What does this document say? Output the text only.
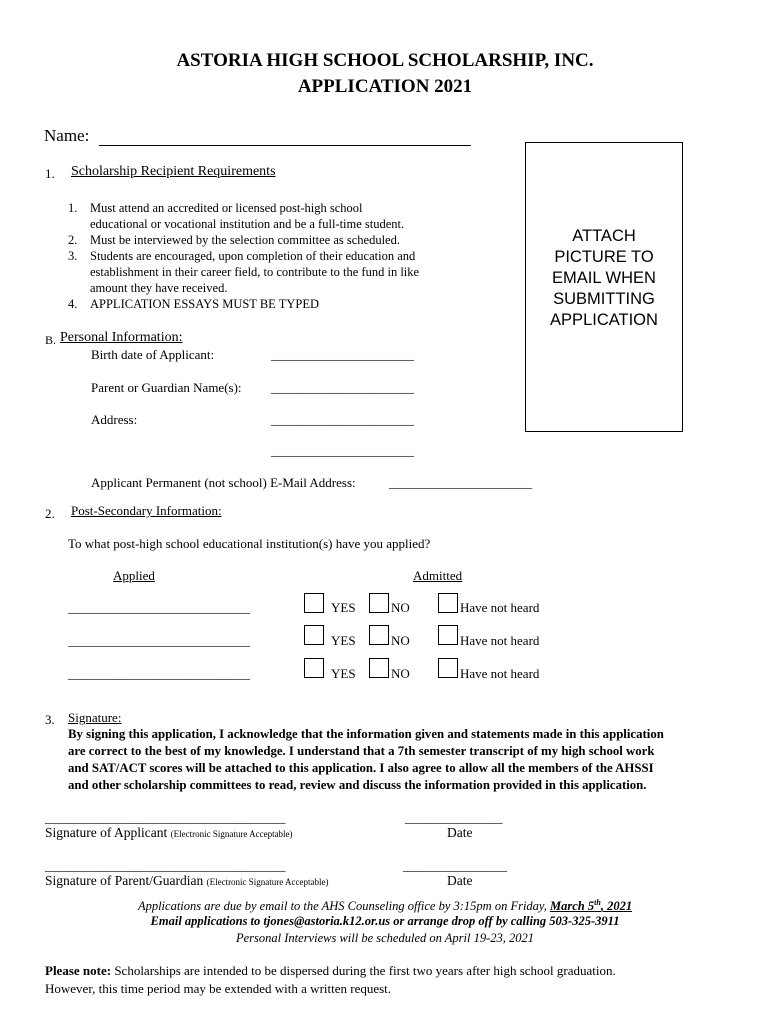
ASTORIA HIGH SCHOOL SCHOLARSHIP, INC.
APPLICATION 2021
Name:
1. Scholarship Recipient Requirements
1. Must attend an accredited or licensed post-high school
educational or vocational institution and be a full-time student.
2. Must be interviewed by the selection committee as scheduled.
3. Students are encouraged, upon completion of their education and
establishment in their career field, to contribute to the fund in like
amount they have received.
4. APPLICATION ESSAYS MUST BE TYPED
ATTACH
PICTURE TO
EMAIL WHEN
SUBMITTING
APPLICATION
B. Personal Information:
Birth date of Applicant:	______________________
Parent or Guardian Name(s): ______________________
Address:	______________________
______________________
Applicant Permanent (not school) E-Mail Address:	______________________
2. Post-Secondary Information:
To what post-high school educational institution(s) have you applied?
Applied	Admitted
____________________________	YES	NO	Have not heard
____________________________	YES	NO	Have not heard
____________________________	YES	NO	Have not heard
3. Signature:
By signing this application, I acknowledge that the information given and statements made in this application
are correct to the best of my knowledge. I understand that a 7th semester transcript of my high school work
and SAT/ACT scores will be attached to this application. I also agree to allow all the members of the AHSSI
and other scholarship committees to read, review and discuss the information provided in this application.
_____________________________________	_______________
Signature of Applicant (Electronic Signature Acceptable)	Date
_____________________________________	________________
Signature of Parent/Guardian (Electronic Signature Acceptable)	Date
Applications are due by email to the AHS Counseling office by 3:15pm on Friday, March 5th, 2021
Email applications to tjones@astoria.k12.or.us or arrange drop off by calling 503-325-3911
Personal Interviews will be scheduled on April 19-23, 2021
Please note: Scholarships are intended to be dispersed during the first two years after high school graduation.
However, this time period may be extended with a written request.
